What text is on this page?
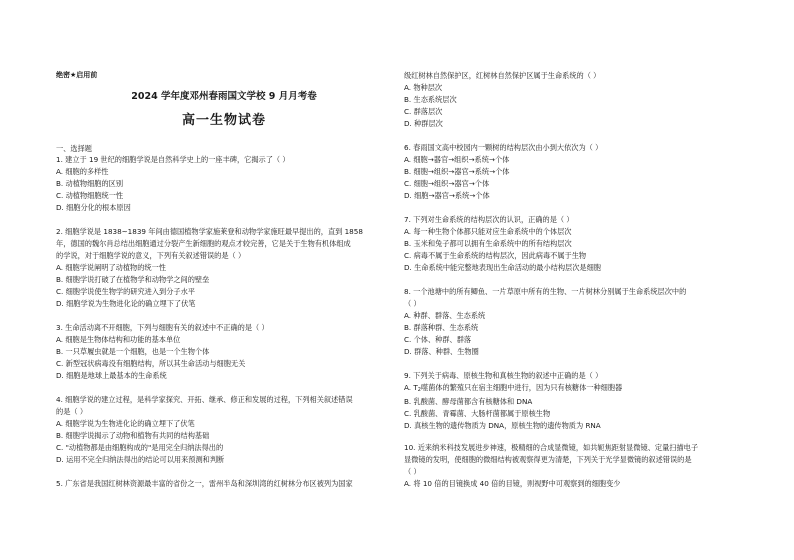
绝密★启用前
2024 学年度邓州春雨国文学校 9 月月考卷
高一生物试卷
一、选择题

1. 建立于 19 世纪的细胞学说是自然科学史上的一座丰碑，它揭示了（ ）

A. 细胞的多样性

B. 动植物细胞的区别

C. 动植物细胞统一性

D. 细胞分化的根本原因

2. 细胞学说是 1838~1839 年间由德国植物学家施莱登和动物学家施旺最早提出的，直到 1858

年，德国的魏尔肖总结出细胞通过分裂产生新细胞的观点才较完善，它是关于生物有机体组成

的学说，对于细胞学说的意义，下列有关叙述错误的是（ ）

A. 细胞学说阐明了动植物的统一性

B. 细胞学说打破了在植物学和动物学之间的壁垒

C. 细胞学说使生物学的研究进入到分子水平

D. 细胞学说为生物进化论的确立埋下了伏笔

3. 生命活动离不开细胞，下列与细胞有关的叙述中不正确的是（ ）

A. 细胞是生物体结构和功能的基本单位

B. 一只草履虫就是一个细胞，也是一个生物个体

C. 新型冠状病毒没有细胞结构，所以其生命活动与细胞无关

D. 细胞是地球上最基本的生命系统

4. 细胞学说的建立过程，是科学家探究、开拓、继承、修正和发展的过程，下列相关叙述错误

的是（ ）

A. 细胞学说为生物进化论的确立埋下了伏笔

B. 细胞学说揭示了动物和植物有共同的结构基础

C. "动植物都是由细胞构成的"是用完全归纳法得出的

D. 运用不完全归纳法得出的结论可以用来预测和判断

5. 广东省是我国红树林资源最丰富的省份之一，雷州半岛和深圳湾的红树林分布区被列为国家

级红树林自然保护区，红树林自然保护区属于生命系统的（ ）

A. 物种层次

B. 生态系统层次

C. 群落层次

D. 种群层次

6. 春雨国文高中校园内一颗树的结构层次由小到大依次为（ ）

A. 细胞→器官→组织→系统→个体

B. 细胞→组织→器官→系统→个体

C. 细胞→组织→器官→个体

D. 细胞→器官→系统→个体

7. 下列对生命系统的结构层次的认识，正确的是（ ）

A. 每一种生物个体都只能对应生命系统中的个体层次

B. 玉米和兔子都可以拥有生命系统中的所有结构层次

C. 病毒不属于生命系统的结构层次，因此病毒不属于生物

D. 生命系统中能完整地表现出生命活动的最小结构层次是细胞

8. 一个池塘中的所有鲫鱼、一片草原中所有的生物、一片树林分别属于生命系统层次中的

（ ）

A. 种群、群落、生态系统

B. 群落种群、生态系统

C. 个体、种群、群落

D. 群落、种群、生物圈

9. 下列关于病毒、原核生物和真核生物的叙述中正确的是（ ）

A. $T_2$噬菌体的繁殖只在宿主细胞中进行，因为只有核糖体一种细胞器

B. 乳酸菌、酵母菌都含有核糖体和 DNA

C. 乳酸菌、青霉菌、大肠杆菌都属于原核生物

D. 真核生物的遗传物质为 DNA，原核生物的遗传物质为 RNA

10. 近来纳米科技发展进步神速，极精细的合成显微镜，如共轭焦距射显微镜、定量扫描电子

显微镜的发明，使细胞的微细结构被观察得更为清楚，下列关于光学显微镜的叙述错误的是

（ ）

A. 将 10 倍的目镜换成 40 倍的目镜，则视野中可观察到的细胞变少
